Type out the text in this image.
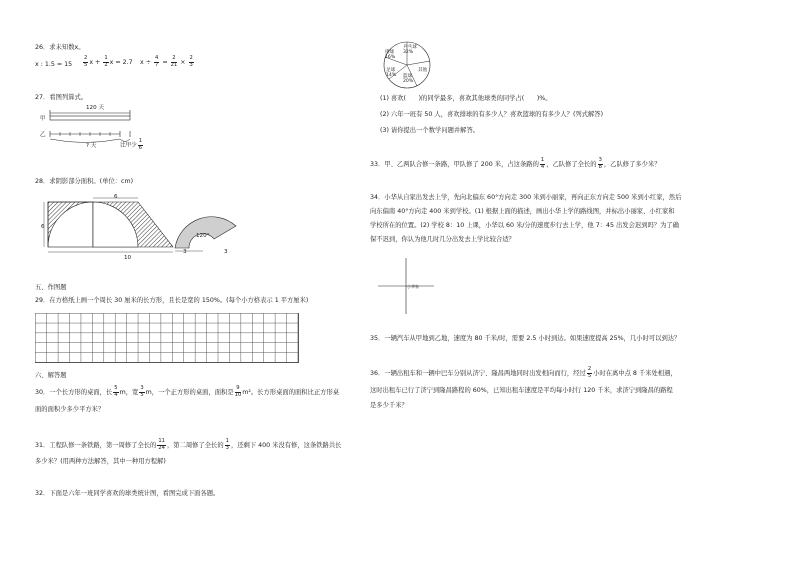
26．求未知数x。
x : $1.5 = 15 \frac{2}{5}$ $x + \frac{1}{2}$ x = 2.7 $x \div \frac{4}{7} = \frac{2}{21} \times \frac{2}{3}$
27．看图列算式。
120 天
甲
乙
? 天	比甲少 $\frac{1}{6}$
28．求阴影部分面积。(单位：cm)
6
6
10
120°
3	3
五、作图题
29．在方格纸上画一个周长 30 厘米的长方形，且长是宽的 150%。(每个小方格表示 1 平方厘米)
六、解答题
30．一个长方形的桌面，长 $\frac{5}{4}$ m，宽 $\frac{3}{5}$ m，一个正方形的桌面，面积是 $\frac{9}{10} m^2$。长方形桌面的面积比正方形桌
面的面积少多少平方米？
31．工程队修一条铁路，第一周修了全长的 $\frac{11}{24}$ ，第二周修了全长的 $\frac{1}{3}$ ，还剩下 400 米没有修，这条铁路共长
多少米？(用两种方法解答，其中一种用方程解)
32．下面是六年一班同学喜欢的球类统计图，看图完成下面各题。
乒乓球
32%
排球
16%
足球
14% 篮球
20%
其他
(1) 喜欢(　　)的同学最多，喜欢其他球类的同学占(　　)%。
(2) 六年一班有 50 人，喜欢排球的有多少人？喜欢篮球的有多少人？(列式解答)
(3) 请你提出一个数学问题并解答。
33．甲、乙两队合修一条路，甲队修了 200 米，占这条路的 $\frac{1}{4}$ ，乙队修了全长的 $\frac{3}{8}$ ，乙队修了多少米？
34．小华从自家出发去上学，先向北偏东 60°方向走 300 米到小丽家，再向正东方向走 500 米到小红家，然后
向东偏南 40°方向走 400 米到学校。(1) 根据上面的描述，画出小华上学的路线图，并标出小丽家、小红家和
学校所在的位置。(2) 学校 8：10 上课，小华以 60 米/分的速度步行去上学，他 7：45 出发会迟到吗？为了确
保不迟到，你认为他几时几分出发去上学比较合适？
小华家
35．一辆汽车从甲地到乙地，速度为 80 千米/时，需要 2.5 小时到达。如果速度提高 25%，几小时可以到达？
36．一辆出租车和一辆中巴车分别从济宁、隆昌两地同时出发相向而行，经过 $\frac{2}{5}$ 小时在离中点 8 千米处相遇，
这时出租车已行了济宁到隆昌路程的 60%，已知出租车速度是平均每小时行 120 千米，求济宁到隆昌的路程
是多少千米？
